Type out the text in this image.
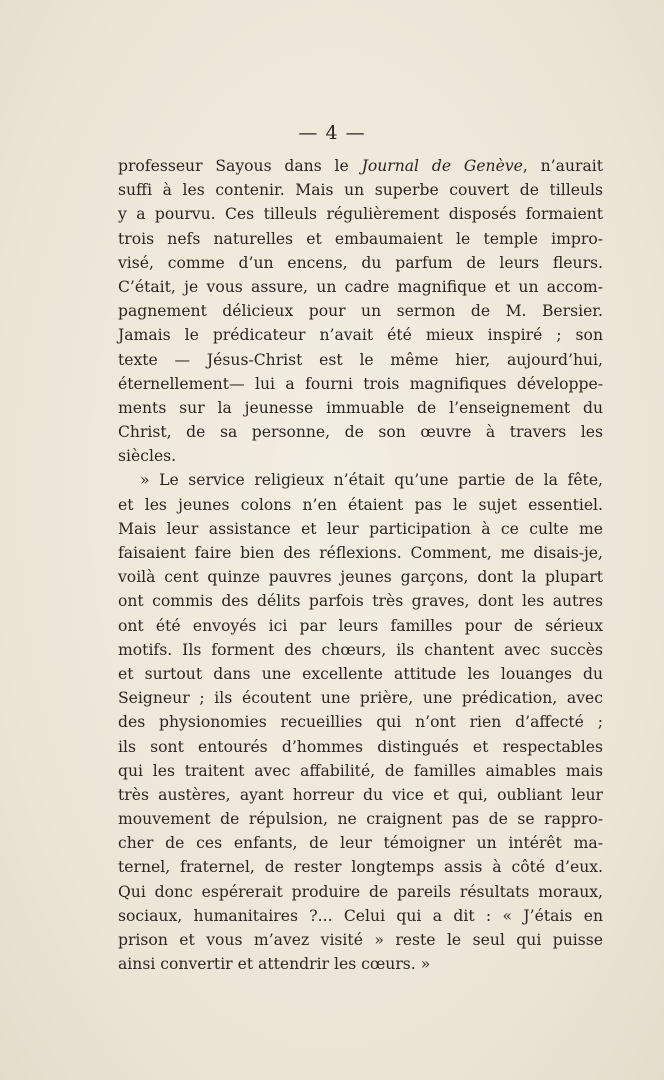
— 4 —
professeur Sayous dans le Journal de Genève, n’aurait
suffi à les contenir. Mais un superbe couvert de tilleuls
y a pourvu. Ces tilleuls régulièrement disposés formaient
trois nefs naturelles et embaumaient le temple impro-
visé, comme d’un encens, du parfum de leurs fleurs.
C’était, je vous assure, un cadre magnifique et un accom-
pagnement délicieux pour un sermon de M. Bersier.
Jamais le prédicateur n’avait été mieux inspiré ; son
texte — Jésus-Christ est le même hier, aujourd’hui,
éternellement— lui a fourni trois magnifiques développe-
ments sur la jeunesse immuable de l’enseignement du
Christ, de sa personne, de son œuvre à travers les
siècles.
» Le service religieux n’était qu’une partie de la fête,
et les jeunes colons n’en étaient pas le sujet essentiel.
Mais leur assistance et leur participation à ce culte me
faisaient faire bien des réflexions. Comment, me disais-je,
voilà cent quinze pauvres jeunes garçons, dont la plupart
ont commis des délits parfois très graves, dont les autres
ont été envoyés ici par leurs familles pour de sérieux
motifs. Ils forment des chœurs, ils chantent avec succès
et surtout dans une excellente attitude les louanges du
Seigneur ; ils écoutent une prière, une prédication, avec
des physionomies recueillies qui n’ont rien d’affecté ;
ils sont entourés d’hommes distingués et respectables
qui les traitent avec affabilité, de familles aimables mais
très austères, ayant horreur du vice et qui, oubliant leur
mouvement de répulsion, ne craignent pas de se rappro-
cher de ces enfants, de leur témoigner un intérêt ma-
ternel, fraternel, de rester longtemps assis à côté d’eux.
Qui donc espérerait produire de pareils résultats moraux,
sociaux, humanitaires ?... Celui qui a dit : « J’étais en
prison et vous m’avez visité » reste le seul qui puisse
ainsi convertir et attendrir les cœurs. »
